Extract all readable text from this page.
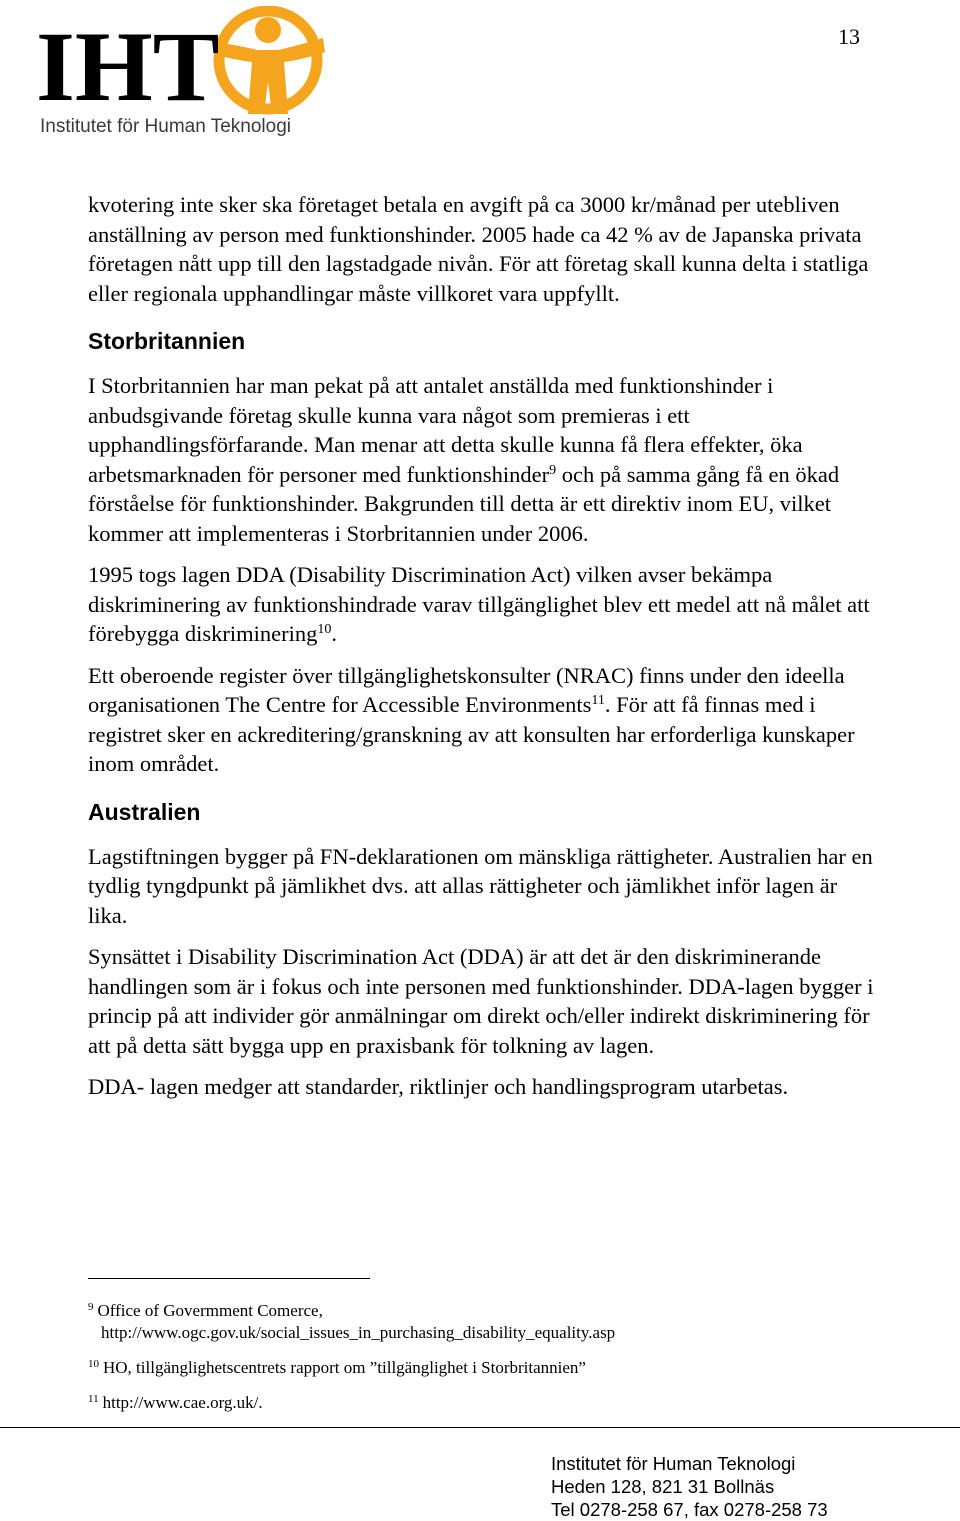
13
IHT
Institutet för Human Teknologi

kvotering inte sker ska företaget betala en avgift på ca 3000 kr/månad per utebliven anställning av person med funktionshinder. 2005 hade ca 42 % av de Japanska privata företagen nått upp till den lagstadgade nivån. För att företag skall kunna delta i statliga eller regionala upphandlingar måste villkoret vara uppfyllt.

Storbritannien

I Storbritannien har man pekat på att antalet anställda med funktionshinder i anbudsgivande företag skulle kunna vara något som premieras i ett upphandlingsförfarande. Man menar att detta skulle kunna få flera effekter, öka arbetsmarknaden för personer med funktionshinder$^9$ och på samma gång få en ökad förståelse för funktionshinder. Bakgrunden till detta är ett direktiv inom EU, vilket kommer att implementeras i Storbritannien under 2006.

1995 togs lagen DDA (Disability Discrimination Act) vilken avser bekämpa diskriminering av funktionshindrade varav tillgänglighet blev ett medel att nå målet att förebygga diskriminering$^{10}$.

Ett oberoende register över tillgänglighetskonsulter (NRAC) finns under den ideella organisationen The Centre for Accessible Environments$^{11}$. För att få finnas med i registret sker en ackreditering/granskning av att konsulten har erforderliga kunskaper inom området.

Australien

Lagstiftningen bygger på FN-deklarationen om mänskliga rättigheter. Australien har en tydlig tyngdpunkt på jämlikhet dvs. att allas rättigheter och jämlikhet inför lagen är lika.

Synsättet i Disability Discrimination Act (DDA) är att det är den diskriminerande handlingen som är i fokus och inte personen med funktionshinder. DDA-lagen bygger i princip på att individer gör anmälningar om direkt och/eller indirekt diskriminering för att på detta sätt bygga upp en praxisbank för tolkning av lagen.

DDA- lagen medger att standarder, riktlinjer och handlingsprogram utarbetas.

$^9$ Office of Govermment Comerce,
http://www.ogc.gov.uk/social_issues_in_purchasing_disability_equality.asp
$^{10}$ HO, tillgänglighetscentrets rapport om ”tillgänglighet i Storbritannien”
$^{11}$ http://www.cae.org.uk/.
Institutet för Human Teknologi
Heden 128, 821 31 Bollnäs
Tel 0278-258 67, fax 0278-258 73
